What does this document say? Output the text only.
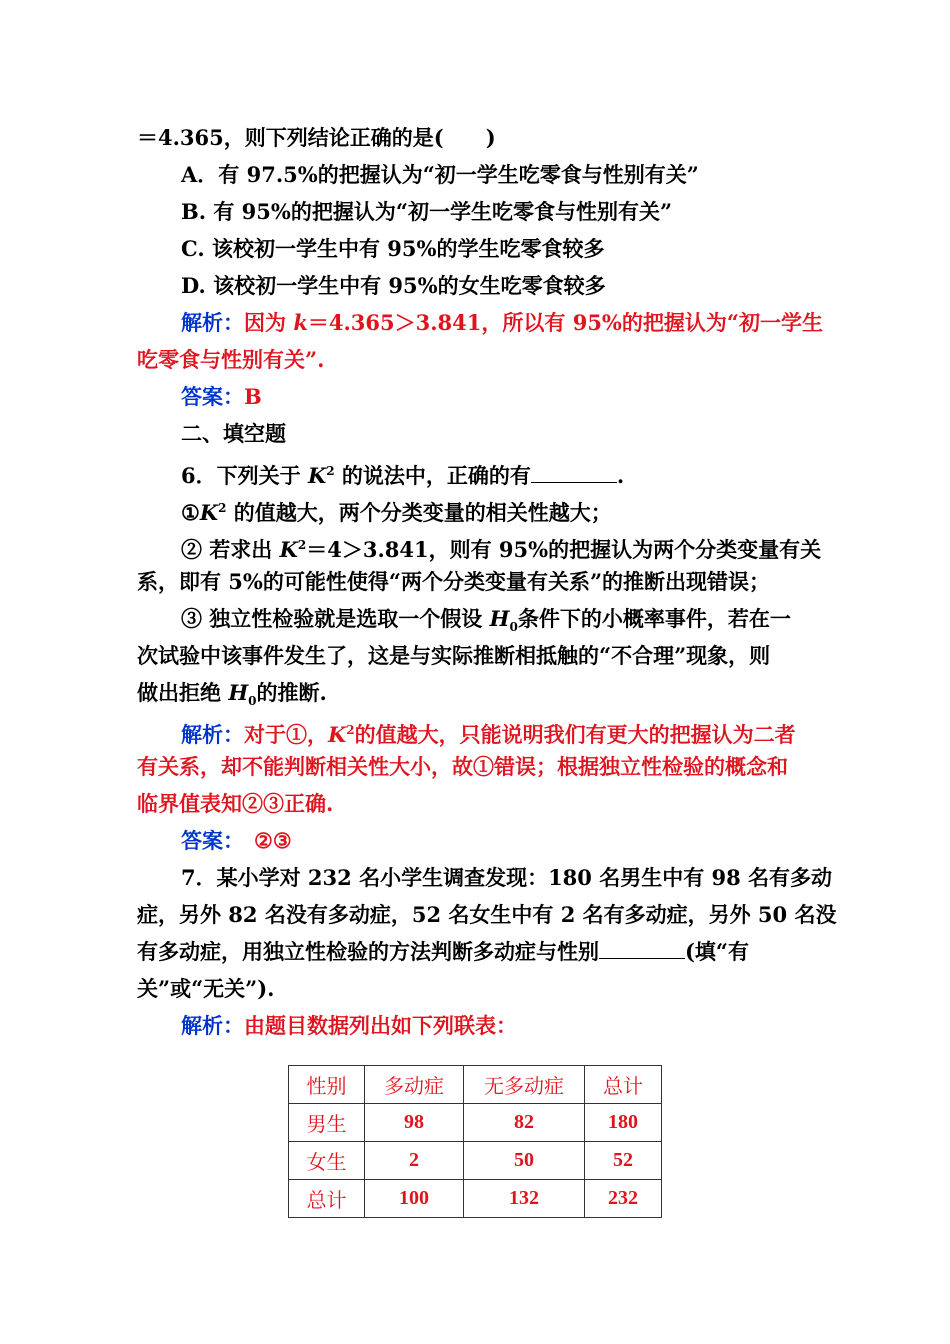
＝4.365，则下列结论正确的是(　　)
A．有 97.5%的把握认为“初一学生吃零食与性别有关”
B. 有 95%的把握认为“初一学生吃零食与性别有关”
C. 该校初一学生中有 95%的学生吃零食较多
D. 该校初一学生中有 95%的女生吃零食较多
解析：因为 k＝4.365＞3.841，所以有 95%的把握认为“初一学生
吃零食与性别有关”.
答案：B
二、填空题
6．下列关于 $K^2$ 的说法中，正确的有	.
$①K^2$ 的值越大，两个分类变量的相关性越大；
② 若求出 $K^2=4>3.841$，则有 95%的把握认为两个分类变量有关
系，即有 5%的可能性使得“两个分类变量有关系”的推断出现错误；
③ 独立性检验就是选取一个假设 $H_0$条件下的小概率事件，若在一
次试验中该事件发生了，这是与实际推断相抵触的“不合理”现象，则
做出拒绝 $H_0$的推断.
解析：对于①，$K^2$的值越大，只能说明我们有更大的把握认为二者
有关系，却不能判断相关性大小，故①错误；根据独立性检验的概念和
临界值表知②③正确.
答案： ②③
7．某小学对 232 名小学生调查发现：180 名男生中有 98 名有多动
症，另外 82 名没有多动症，52 名女生中有 2 名有多动症，另外 50 名没
有多动症，用独立性检验的方法判断多动症与性别	(填“有
关”或“无关”).
解析：由题目数据列出如下列联表：
性别	多动症	无多动症	总计
男生	98	82	180
女生	2	50	52
总计	100	132	232
